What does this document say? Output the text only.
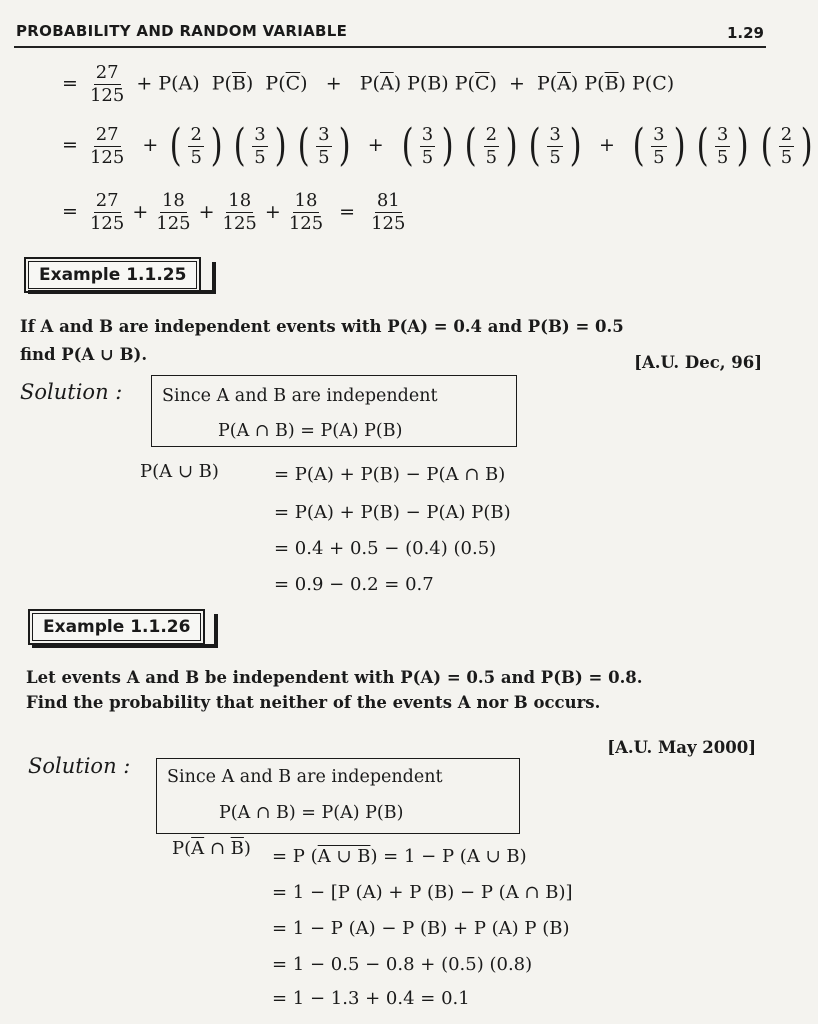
PROBABILITY AND RANDOM VARIABLE	1.29
= $\frac{27}{125} + P(A)$  $P(\overline{B}) P(\overline{C}) + P(\overline{A})$ P(B) $P(\overline{C}) + P(\overline{A})$ $P(\overline{B})$ P(C)
= $\frac{27}{125}$ + ( $\frac{2}{5}$ ) ( $\frac{3}{5}$ ) ( $\frac{3}{5}$ ) + ( $\frac{3}{5}$ ) ( $\frac{2}{5}$ ) ( $\frac{3}{5}$ ) + ( $\frac{3}{5}$ ) ( $\frac{3}{5}$ ) ( $\frac{2}{5}$ )
= $\frac{27}{125} + \frac{18}{125} + \frac{18}{125} + \frac{18}{125} = \frac{81}{125}$
Example 1.1.25
If A and B are independent events with P(A) = 0.4 and P(B) = 0.5
find P(A ∪ B).	[A.U. Dec, 96]
Solution : Since A and B are independent
P(A ∩ B) = P(A) P(B)
P(A ∪ B)	= P(A) + P(B) − P(A ∩ B)
= P(A) + P(B) − P(A) P(B)
= 0.4 + 0.5 − (0.4) (0.5)
= 0.9 − 0.2 = 0.7
Example 1.1.26
Let events A and B be independent with P(A) = 0.5 and P(B) = 0.8.
Find the probability that neither of the events A nor B occurs.
[A.U. May 2000]
Solution : Since A and B are independent
P(A ∩ B) = P(A) P(B)
$P(\overline{A}$ ∩ $\overline{B}) = P$ (A ∪ B) = 1 − P (A ∪ B)
= 1 − [P (A) + P (B) − P (A ∩ B)]
= 1 − P (A) − P (B) + P (A) P (B)
= 1 − 0.5 − 0.8 + (0.5) (0.8)
= 1 − 1.3 + 0.4 = 0.1
